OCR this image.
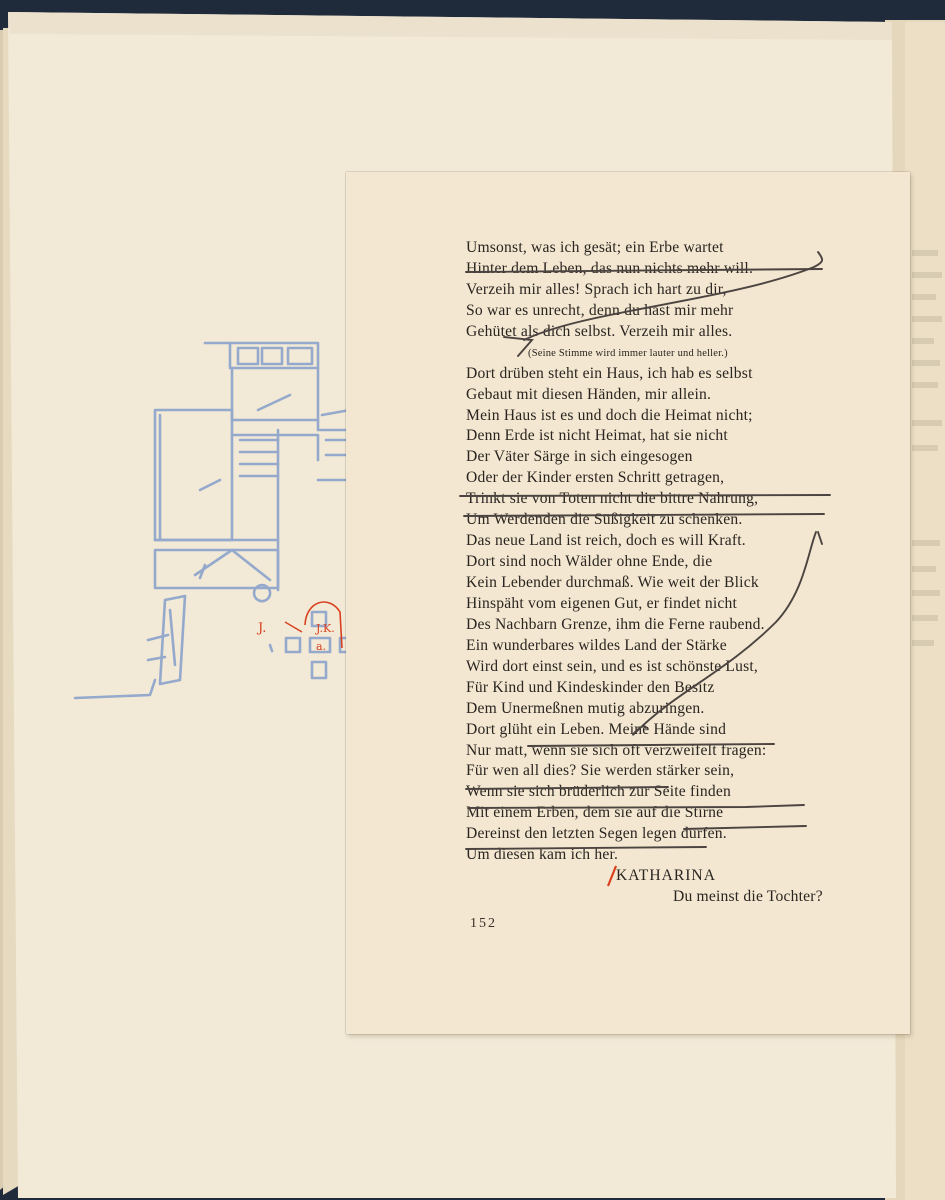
J.	J.K.
a.
Umsonst, was ich gesät; ein Erbe wartet
Hinter dem Leben, das nun nichts mehr will.
Verzeih mir alles! Sprach ich hart zu dir,
So war es unrecht, denn du hast mir mehr
Gehütet als dich selbst. Verzeih mir alles.
(Seine Stimme wird immer lauter und heller.)
Dort drüben steht ein Haus, ich hab es selbst
Gebaut mit diesen Händen, mir allein.
Mein Haus ist es und doch die Heimat nicht;
Denn Erde ist nicht Heimat, hat sie nicht
Der Väter Särge in sich eingesogen
Oder der Kinder ersten Schritt getragen,
Trinkt sie von Toten nicht die bittre Nahrung,
Um Werdenden die Süßigkeit zu schenken.
Das neue Land ist reich, doch es will Kraft.
Dort sind noch Wälder ohne Ende, die
Kein Lebender durchmaß. Wie weit der Blick
Hinspäht vom eigenen Gut, er findet nicht
Des Nachbarn Grenze, ihm die Ferne raubend.
Ein wunderbares wildes Land der Stärke
Wird dort einst sein, und es ist schönste Lust,
Für Kind und Kindeskinder den Besitz
Dem Unermeßnen mutig abzuringen.
Dort glüht ein Leben. Meine Hände sind
Nur matt, wenn sie sich oft verzweifelt fragen:
Für wen all dies? Sie werden stärker sein,
Wenn sie sich brüderlich zur Seite finden
Mit einem Erben, dem sie auf die Stirne
Dereinst den letzten Segen legen dürfen.
Um diesen kam ich her.
KATHARINA
Du meinst die Tochter?
152
